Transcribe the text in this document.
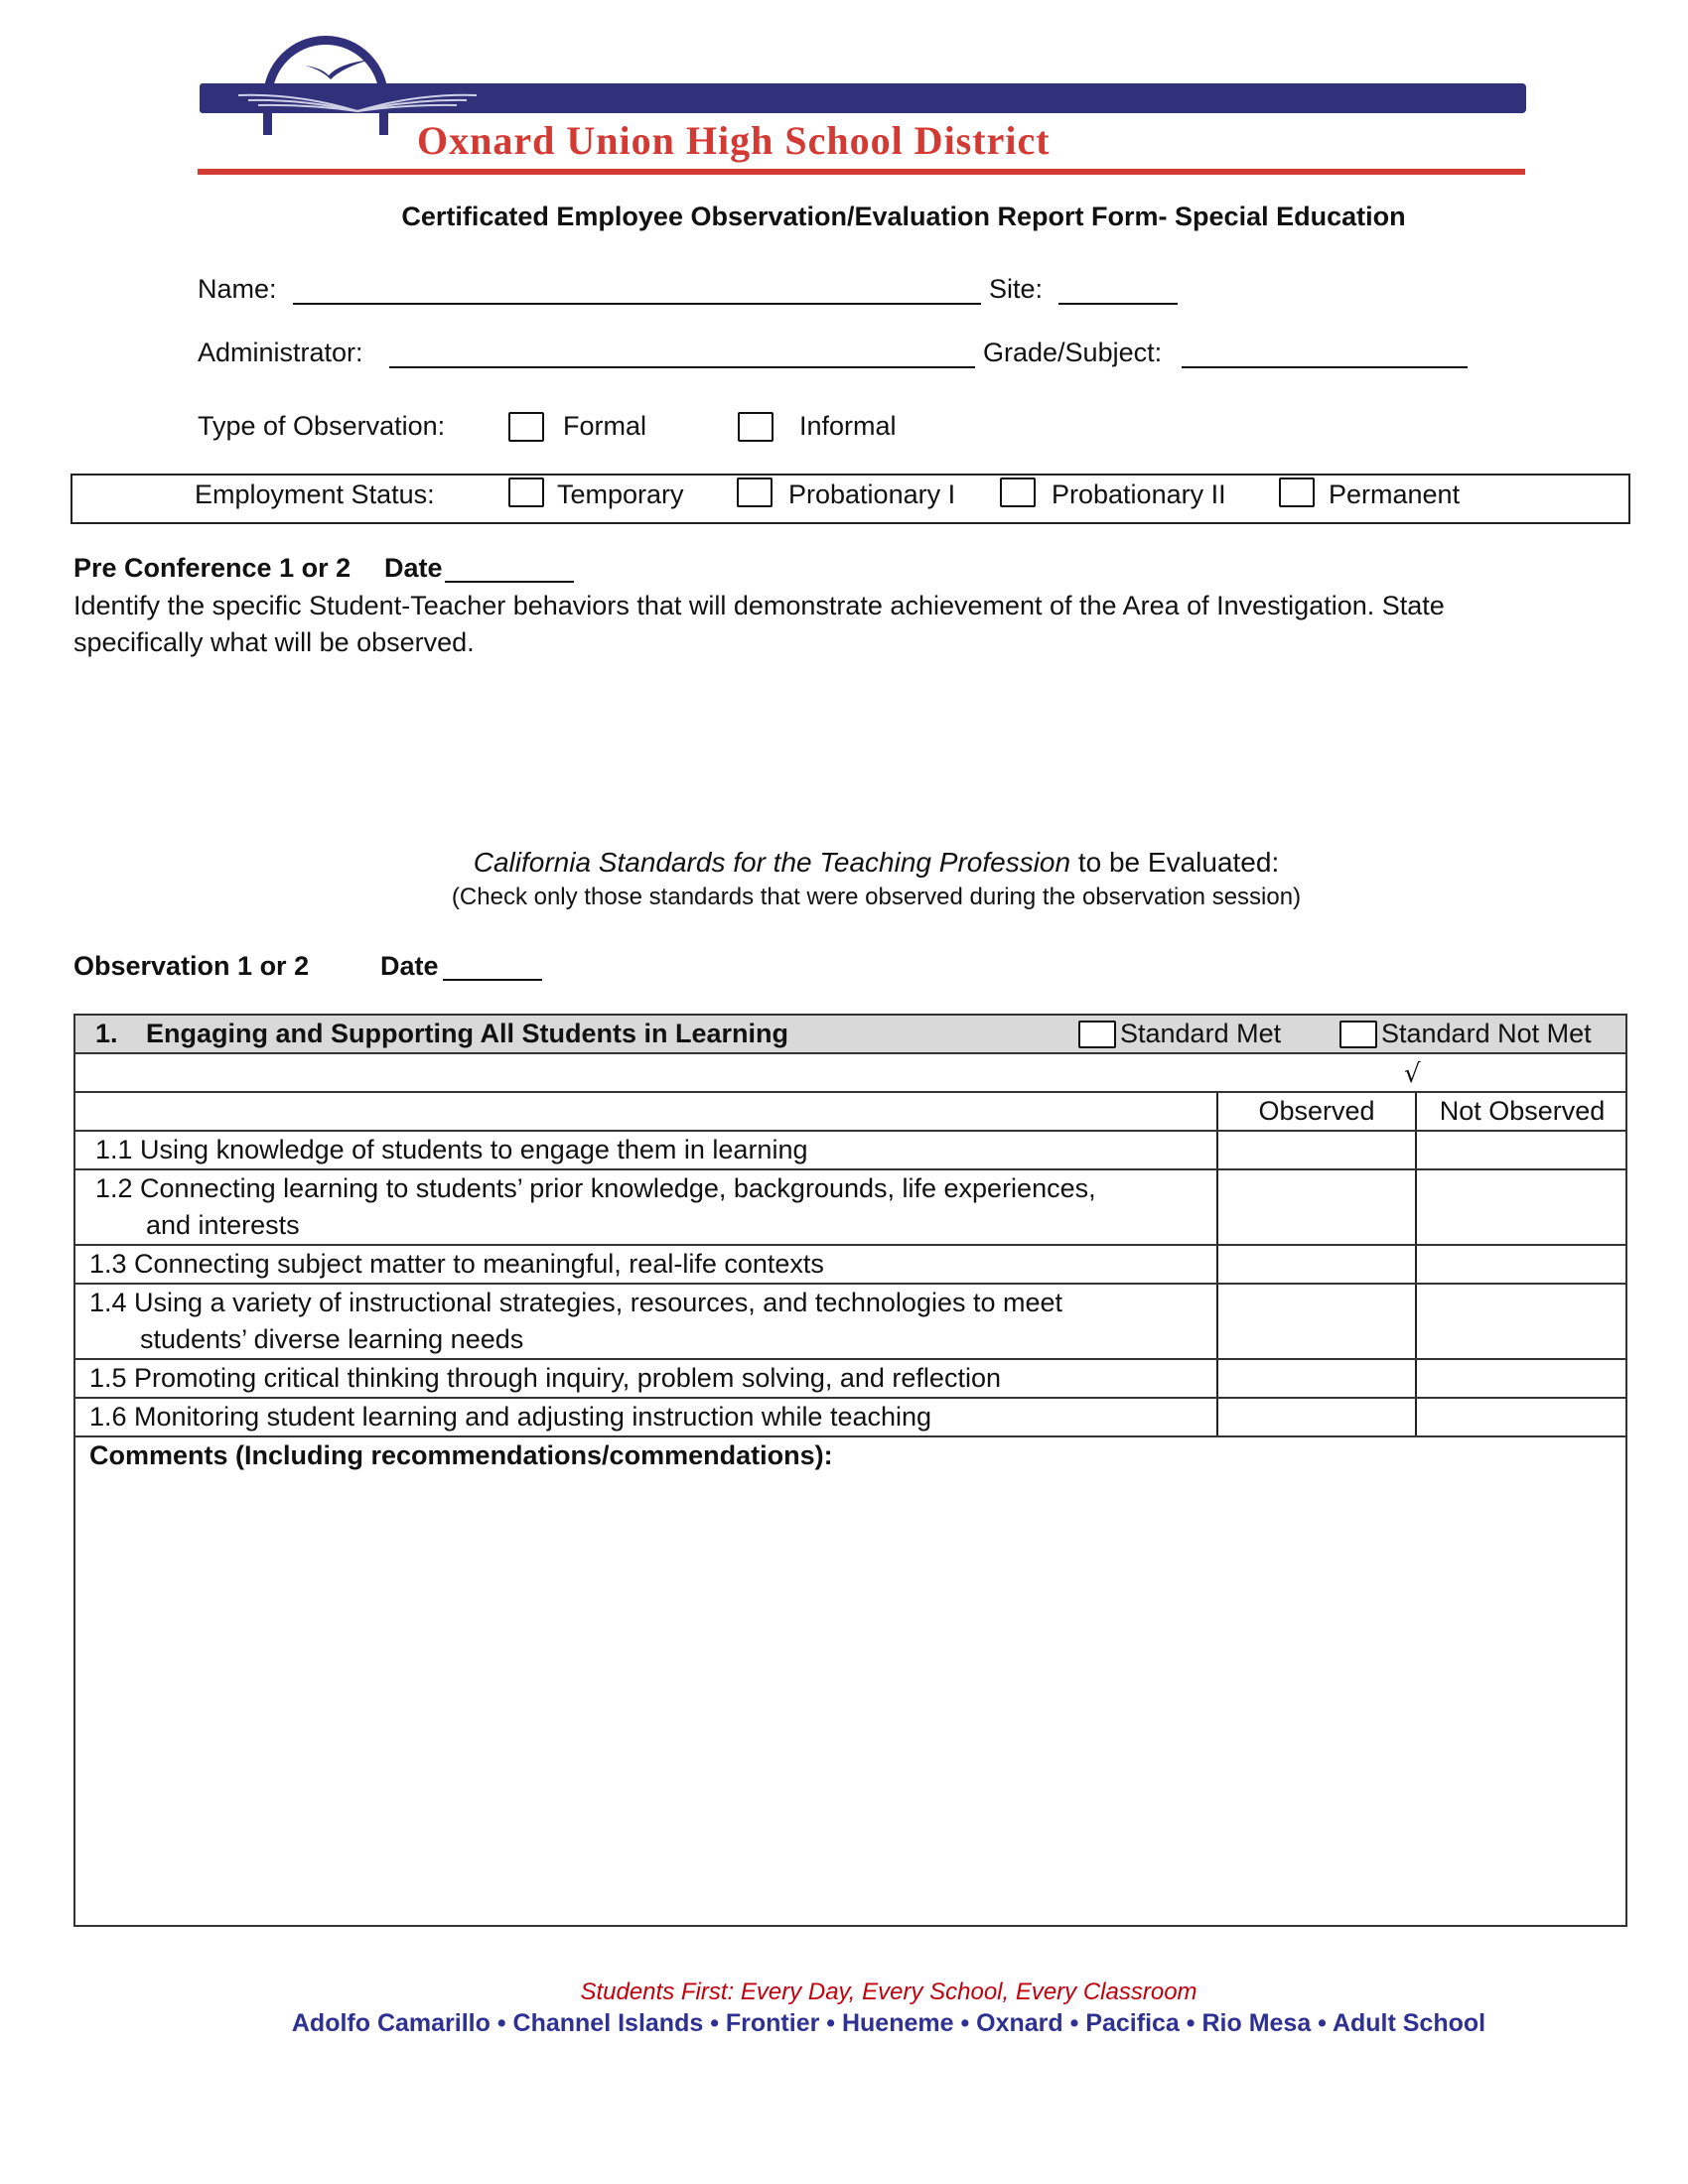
Oxnard Union High School District
Certificated Employee Observation/Evaluation Report Form- Special Education
Name:	Site:
Administrator:	Grade/Subject:
Type of Observation:	Formal	Informal
Employment Status:	Temporary	Probationary I	Probationary II	Permanent
Pre Conference 1 or 2 Date
Identify the specific Student-Teacher behaviors that will demonstrate achievement of the Area of Investigation. State
specifically what will be observed.
California Standards for the Teaching Profession to be Evaluated:
(Check only those standards that were observed during the observation session)
Observation 1 or 2	Date
1. Engaging and Supporting All Students in Learning	Standard Met	Standard Not Met
√
Observed	Not Observed
1.1 Using knowledge of students to engage them in learning
1.2 Connecting learning to students’ prior knowledge, backgrounds, life experiences,
and interests
1.3 Connecting subject matter to meaningful, real-life contexts
1.4 Using a variety of instructional strategies, resources, and technologies to meet
students’ diverse learning needs
1.5 Promoting critical thinking through inquiry, problem solving, and reflection
1.6 Monitoring student learning and adjusting instruction while teaching
Comments (Including recommendations/commendations):
Students First: Every Day, Every School, Every Classroom
Adolfo Camarillo • Channel Islands • Frontier • Hueneme • Oxnard • Pacifica • Rio Mesa • Adult School
